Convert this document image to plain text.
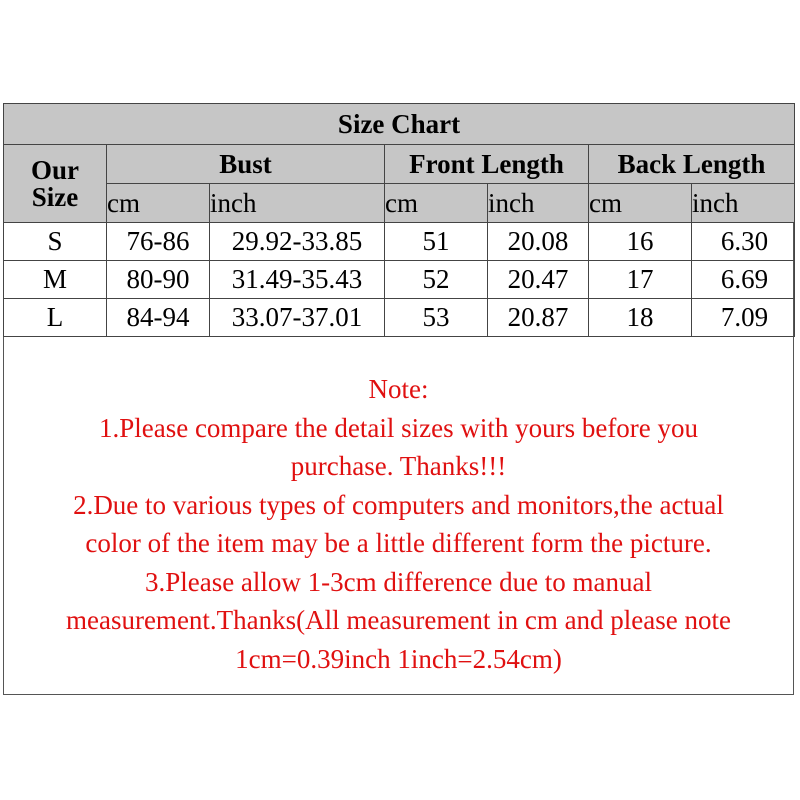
Size Chart						

Our
Size	Bust		Front Length		Back Length	
	cm	inch	cm	inch	cm	inch
S	76-86	29.92-33.85	51	20.08	16	6.30
M	80-90	31.49-35.43	52	20.47	17	6.69
L	84-94	33.07-37.01	53	20.87	18	7.09
Note:
1.Please compare the detail sizes with yours before you
purchase. Thanks!!!
2.Due to various types of computers and monitors,the actual
color of the item may be a little different form the picture.
3.Please allow 1-3cm difference due to manual
measurement.Thanks(All measurement in cm and please note
1cm=0.39inch 1inch=2.54cm)
